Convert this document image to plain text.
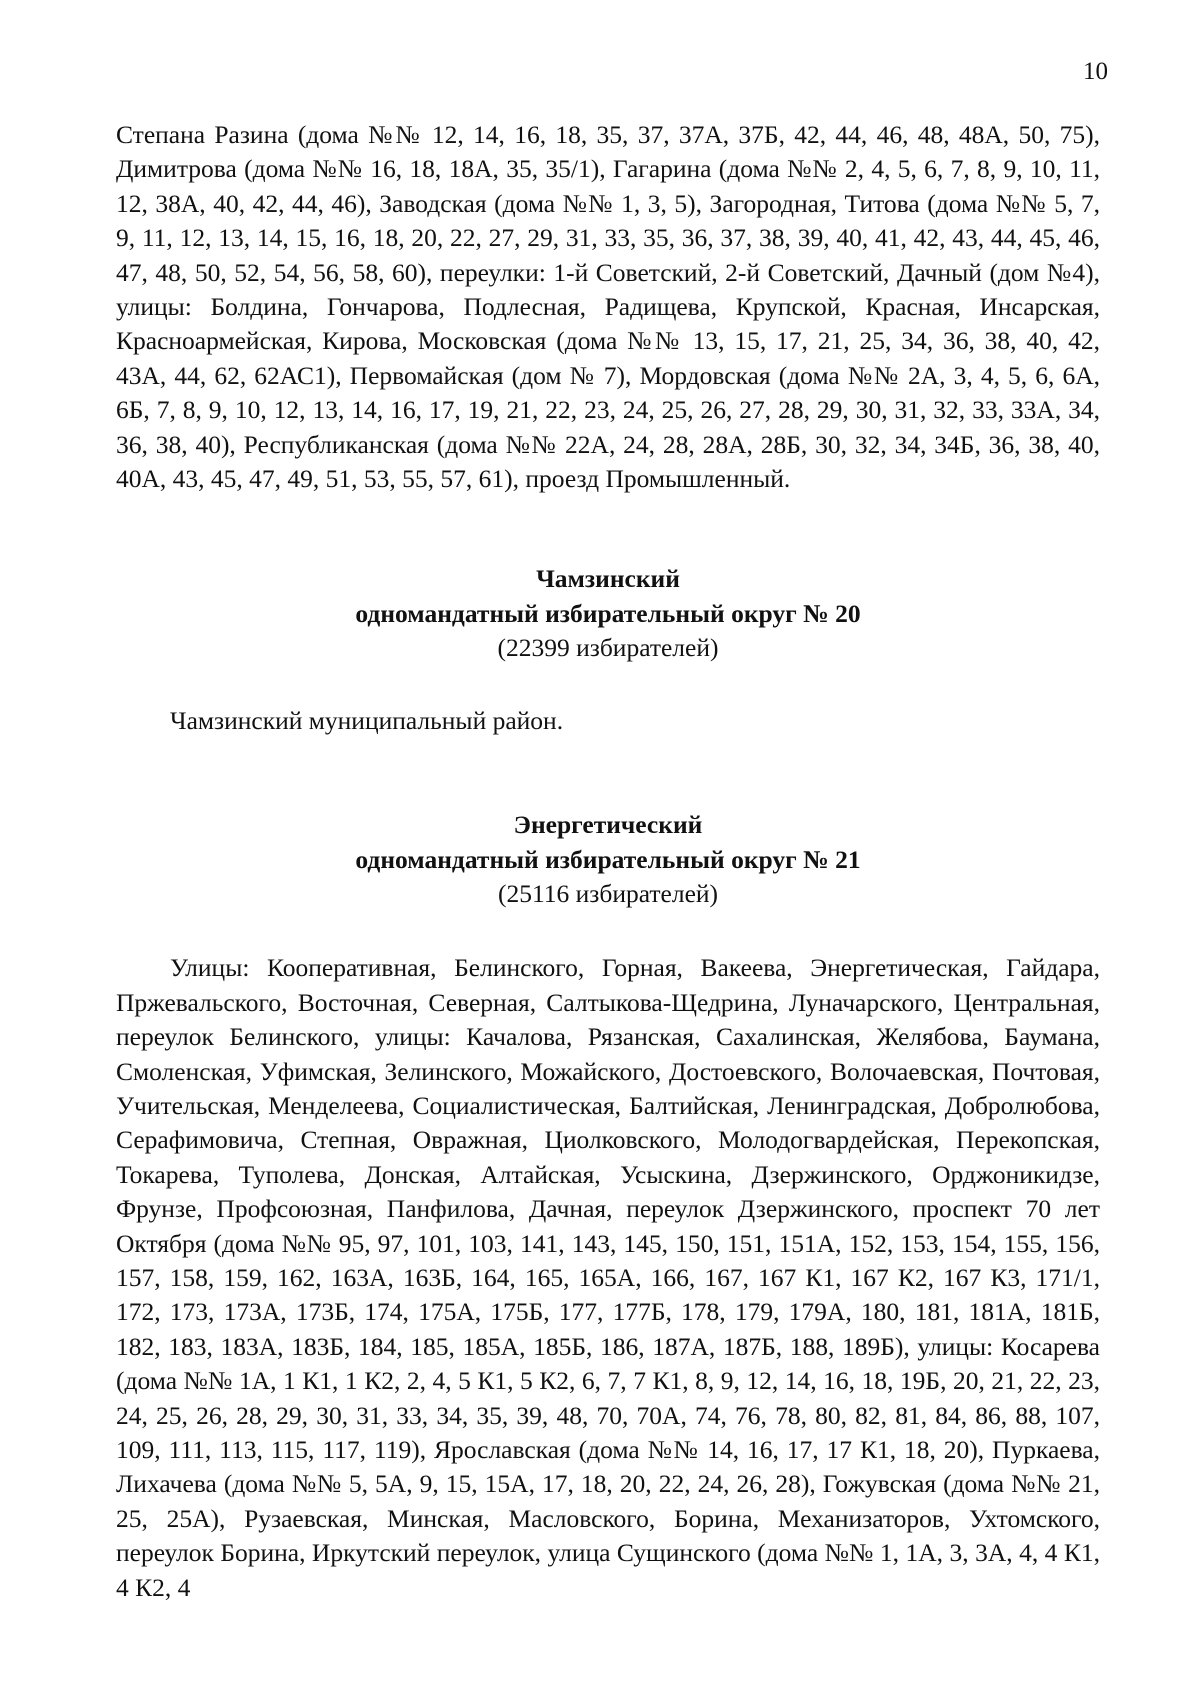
10

Степана Разина (дома №№ 12, 14, 16, 18, 35, 37, 37А, 37Б, 42, 44, 46, 48, 48А, 50, 75), Димитрова (дома №№ 16, 18, 18А, 35, 35/1), Гагарина (дома №№ 2, 4, 5, 6, 7, 8, 9, 10, 11, 12, 38А, 40, 42, 44, 46), Заводская (дома №№ 1, 3, 5), Загородная, Титова (дома №№ 5, 7, 9, 11, 12, 13, 14, 15, 16, 18, 20, 22, 27, 29, 31, 33, 35, 36, 37, 38, 39, 40, 41, 42, 43, 44, 45, 46, 47, 48, 50, 52, 54, 56, 58, 60), переулки: 1-й Советский, 2-й Советский, Дачный (дом №4), улицы: Болдина, Гончарова, Подлесная, Радищева, Крупской, Красная, Инсарская, Красноармейская, Кирова, Московская (дома №№ 13, 15, 17, 21, 25, 34, 36, 38, 40, 42, 43А, 44, 62, 62АС1), Первомайская (дом № 7), Мордовская (дома №№ 2А, 3, 4, 5, 6, 6А, 6Б, 7, 8, 9, 10, 12, 13, 14, 16, 17, 19, 21, 22, 23, 24, 25, 26, 27, 28, 29, 30, 31, 32, 33, 33А, 34, 36, 38, 40), Республиканская (дома №№ 22А, 24, 28, 28А, 28Б, 30, 32, 34, 34Б, 36, 38, 40, 40А, 43, 45, 47, 49, 51, 53, 55, 57, 61), проезд Промышленный.

Чамзинский
одномандатный избирательный округ № 20
(22399 избирателей)

Чамзинский муниципальный район.

Энергетический
одномандатный избирательный округ № 21
(25116 избирателей)

Улицы: Кооперативная, Белинского, Горная, Вакеева, Энергетическая, Гайдара, Пржевальского, Восточная, Северная, Салтыкова-Щедрина, Луначарского, Центральная, переулок Белинского, улицы: Качалова, Рязанская, Сахалинская, Желябова, Баумана, Смоленская, Уфимская, Зелинского, Можайского, Достоевского, Волочаевская, Почтовая, Учительская, Менделеева, Социалистическая, Балтийская, Ленинградская, Добролюбова, Серафимовича, Степная, Овражная, Циолковского, Молодогвардейская, Перекопская, Токарева, Туполева, Донская, Алтайская, Усыскина, Дзержинского, Орджоникидзе, Фрунзе, Профсоюзная, Панфилова, Дачная, переулок Дзержинского, проспект 70 лет Октября (дома №№ 95, 97, 101, 103, 141, 143, 145, 150, 151, 151А, 152, 153, 154, 155, 156, 157, 158, 159, 162, 163А, 163Б, 164, 165, 165А, 166, 167, 167 К1, 167 К2, 167 К3, 171/1, 172, 173, 173А, 173Б, 174, 175А, 175Б, 177, 177Б, 178, 179, 179А, 180, 181, 181А, 181Б, 182, 183, 183А, 183Б, 184, 185, 185А, 185Б, 186, 187А, 187Б, 188, 189Б), улицы: Косарева (дома №№ 1А, 1 К1, 1 К2, 2, 4, 5 К1, 5 К2, 6, 7, 7 К1, 8, 9, 12, 14, 16, 18, 19Б, 20, 21, 22, 23, 24, 25, 26, 28, 29, 30, 31, 33, 34, 35, 39, 48, 70, 70А, 74, 76, 78, 80, 82, 81, 84, 86, 88, 107, 109, 111, 113, 115, 117, 119), Ярославская (дома №№ 14, 16, 17, 17 К1, 18, 20), Пуркаева, Лихачева (дома №№ 5, 5А, 9, 15, 15А, 17, 18, 20, 22, 24, 26, 28), Гожувская (дома №№ 21, 25, 25А), Рузаевская, Минская, Масловского, Борина, Механизаторов, Ухтомского, переулок Борина, Иркутский переулок, улица Сущинского (дома №№ 1, 1А, 3, 3А, 4, 4 К1, 4 К2, 4
